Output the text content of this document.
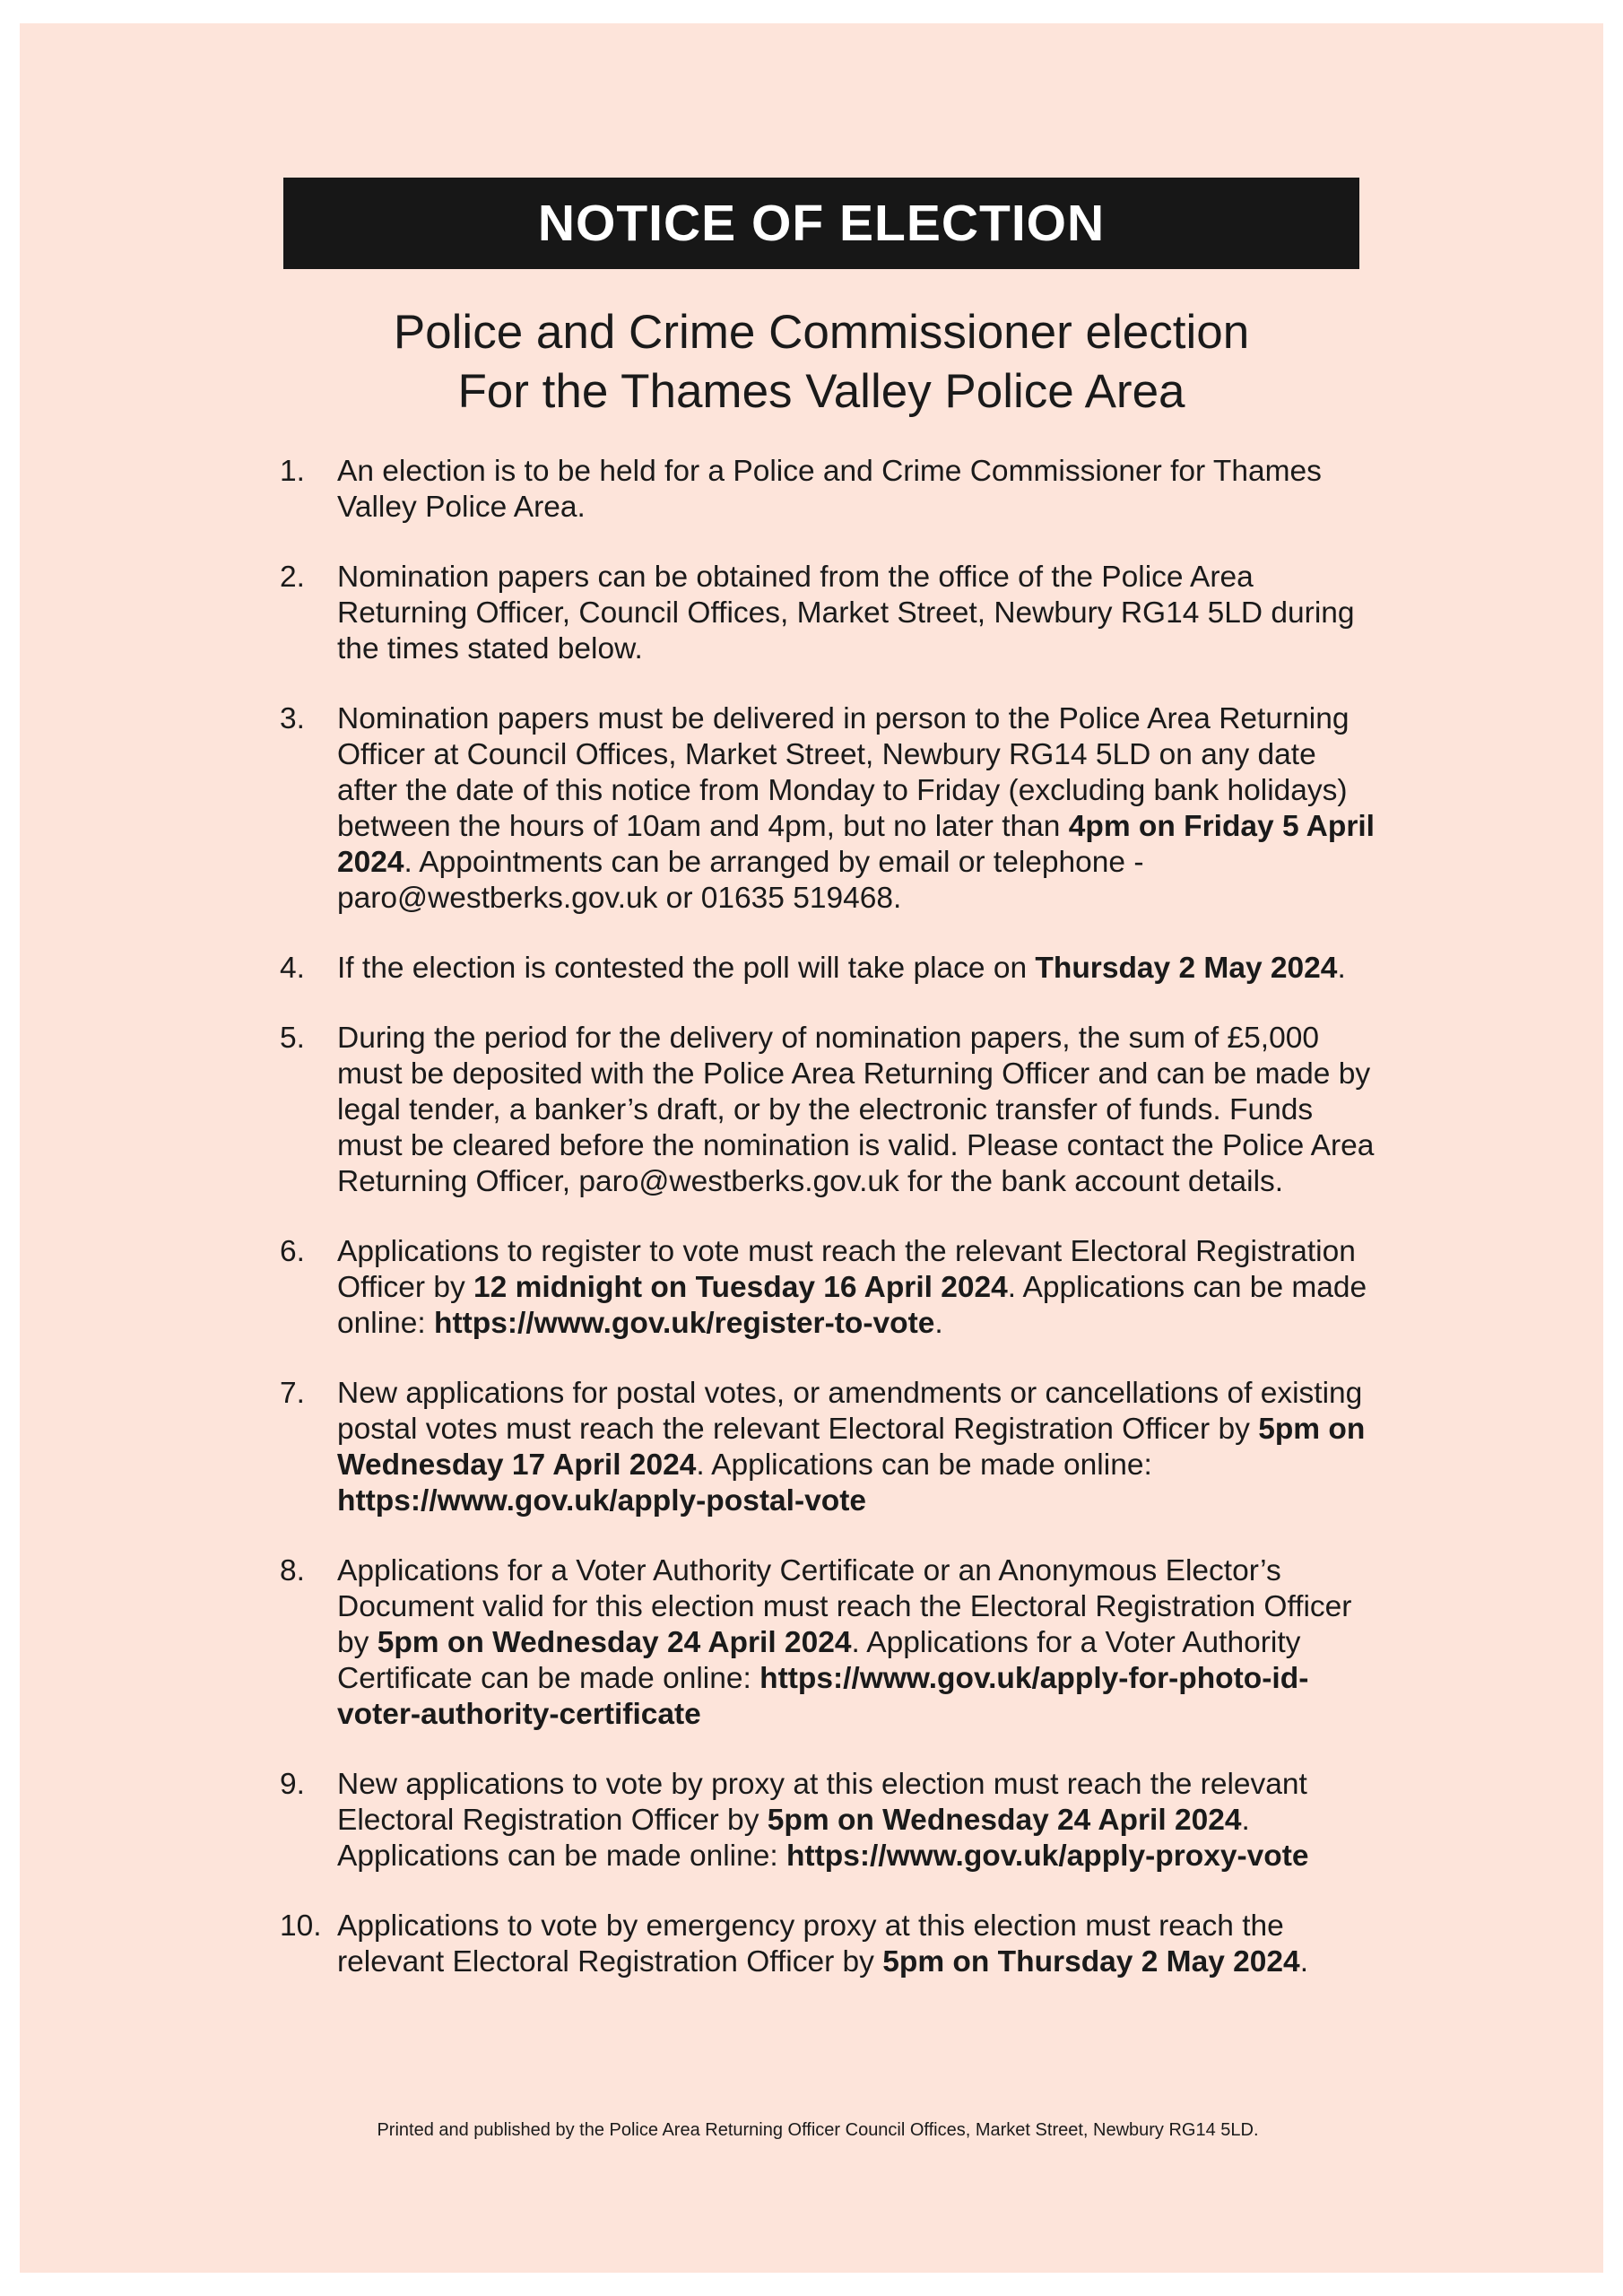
NOTICE OF ELECTION
Police and Crime Commissioner election
For the Thames Valley Police Area
1.	An election is to be held for a Police and Crime Commissioner for Thames Valley Police Area.
2.	Nomination papers can be obtained from the office of the Police Area Returning Officer, Council Offices, Market Street, Newbury RG14 5LD during the times stated below.
3.	Nomination papers must be delivered in person to the Police Area Returning Officer at Council Offices, Market Street, Newbury RG14 5LD on any date after the date of this notice from Monday to Friday (excluding bank holidays) between the hours of 10am and 4pm, but no later than 4pm on Friday 5 April 2024. Appointments can be arranged by email or telephone - paro@westberks.gov.uk or 01635 519468.
4.	If the election is contested the poll will take place on Thursday 2 May 2024.
5.	During the period for the delivery of nomination papers, the sum of £5,000 must be deposited with the Police Area Returning Officer and can be made by legal tender, a banker’s draft, or by the electronic transfer of funds. Funds must be cleared before the nomination is valid. Please contact the Police Area Returning Officer, paro@westberks.gov.uk for the bank account details.
6.	Applications to register to vote must reach the relevant Electoral Registration Officer by 12 midnight on Tuesday 16 April 2024. Applications can be made online: https://www.gov.uk/register-to-vote.
7.	New applications for postal votes, or amendments or cancellations of existing postal votes must reach the relevant Electoral Registration Officer by 5pm on Wednesday 17 April 2024. Applications can be made online: https://www.gov.uk/apply-postal-vote
8.	Applications for a Voter Authority Certificate or an Anonymous Elector’s Document valid for this election must reach the Electoral Registration Officer by 5pm on Wednesday 24 April 2024. Applications for a Voter Authority Certificate can be made online: https://www.gov.uk/apply-for-photo-id-voter-authority-certificate
9.	New applications to vote by proxy at this election must reach the relevant Electoral Registration Officer by 5pm on Wednesday 24 April 2024. Applications can be made online: https://www.gov.uk/apply-proxy-vote
10. Applications to vote by emergency proxy at this election must reach the relevant Electoral Registration Officer by 5pm on Thursday 2 May 2024.
Printed and published by the Police Area Returning Officer Council Offices, Market Street, Newbury RG14 5LD.
